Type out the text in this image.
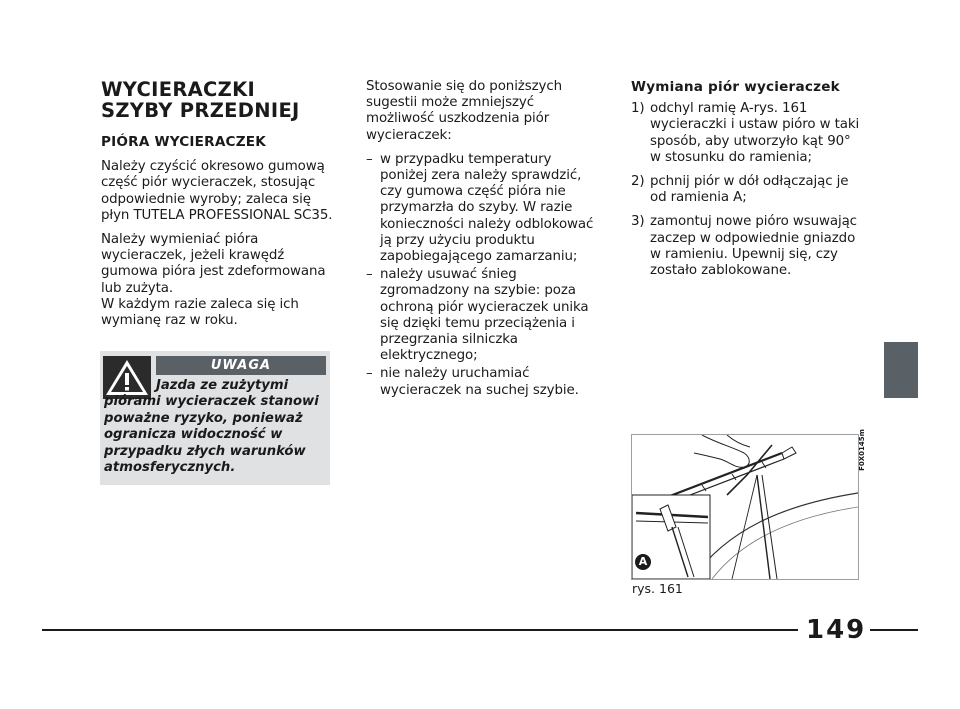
WYCIERACZKI SZYBY PRZEDNIEJ
PIÓRA WYCIERACZEK
Należy czyścić okresowo gumową część piór wycieraczek, stosując odpowiednie wyroby; zaleca się płyn TUTELA PROFESSIONAL SC35.
Należy wymieniać pióra wycieraczek, jeżeli krawędź gumowa pióra jest zdeformowana lub zużyta.
W każdym razie zaleca się ich wymianę raz w roku.
UWAGA
Jazda ze zużytymi piórami wycieraczek stanowi poważne ryzyko, ponieważ ogranicza widoczność w przypadku złych warunków atmosferycznych.
Stosowanie się do poniższych sugestii może zmniejszyć możliwość uszkodzenia piór wycieraczek:
– w przypadku temperatury poniżej zera należy sprawdzić, czy gumowa część pióra nie przymarzła do szyby. W razie konieczności należy odblokować ją przy użyciu produktu zapobiegającego zamarzaniu;
– należy usuwać śnieg zgromadzony na szybie: poza ochroną piór wycieraczek unika się dzięki temu przeciążenia i przegrzania silniczka elektrycznego;
– nie należy uruchamiać wycieraczek na suchej szybie.
Wymiana piór wycieraczek
1) odchyl ramię A-rys. 161 wycieraczki i ustaw pióro w taki sposób, aby utworzyło kąt 90° w stosunku do ramienia;
2) pchnij piór w dół odłączając je od ramienia A;
3) zamontuj nowe pióro wsuwając zaczep w odpowiednie gniazdo w ramieniu. Upewnij się, czy zostało zablokowane.
A
F0X0145m
rys. 161
149
